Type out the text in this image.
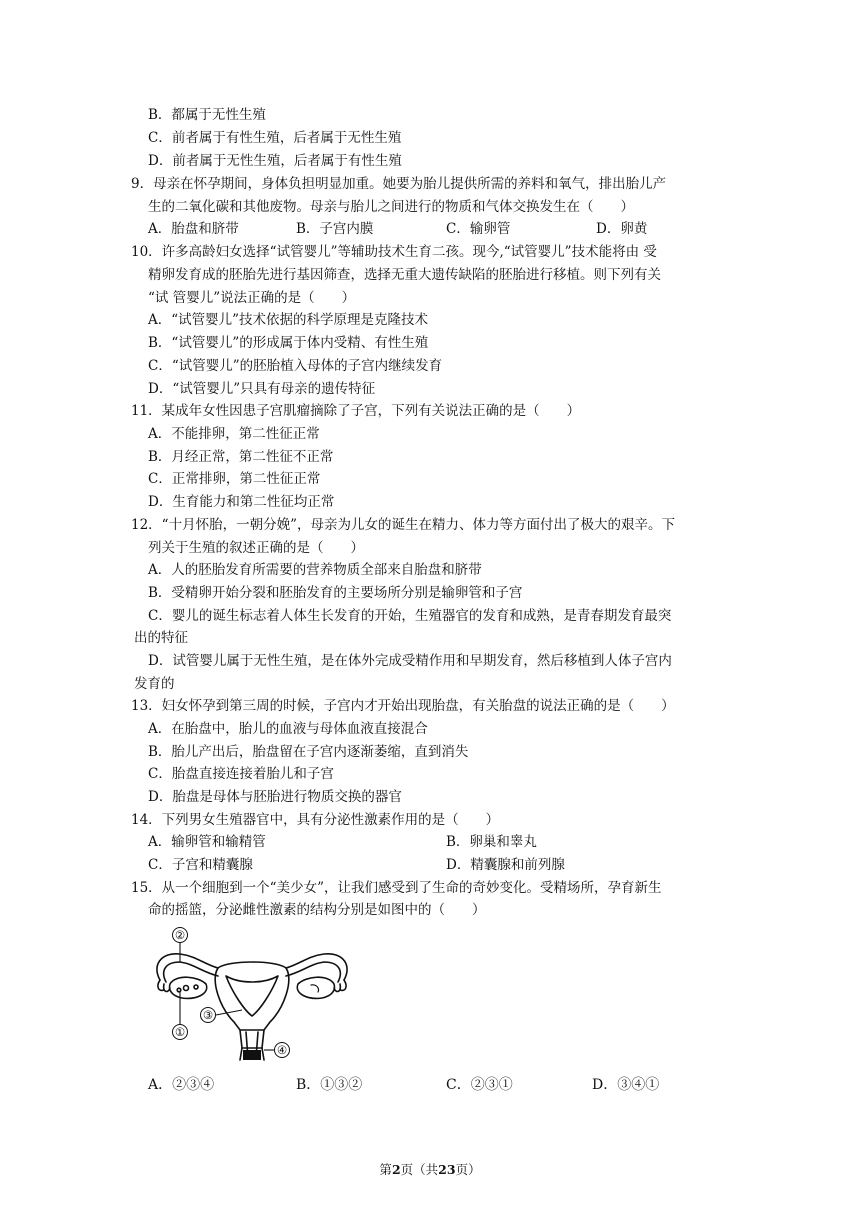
B．都属于无性生殖
C．前者属于有性生殖，后者属于无性生殖
D．前者属于无性生殖，后者属于有性生殖
9．母亲在怀孕期间，身体负担明显加重。她要为胎儿提供所需的养料和氧气，排出胎儿产
生的二氧化碳和其他废物。母亲与胎儿之间进行的物质和气体交换发生在（　　）
A．胎盘和脐带	B．子宫内膜	C．输卵管	D．卵黄
10．许多高龄妇女选择“试管婴儿”等辅助技术生育二孩。现今,“试管婴儿”技术能将由 受
精卵发育成的胚胎先进行基因筛查，选择无重大遗传缺陷的胚胎进行移植。则下列有关
“试 管婴儿”说法正确的是（　　）
A．“试管婴儿”技术依据的科学原理是克隆技术
B．“试管婴儿”的形成属于体内受精、有性生殖
C．“试管婴儿”的胚胎植入母体的子宫内继续发育
D．“试管婴儿”只具有母亲的遗传特征
11．某成年女性因患子宫肌瘤摘除了子宫，下列有关说法正确的是（　　）
A．不能排卵，第二性征正常
B．月经正常，第二性征不正常
C．正常排卵，第二性征正常
D．生育能力和第二性征均正常
12．“十月怀胎，一朝分娩”，母亲为儿女的诞生在精力、体力等方面付出了极大的艰辛。下
列关于生殖的叙述正确的是（　　）
A．人的胚胎发育所需要的营养物质全部来自胎盘和脐带
B．受精卵开始分裂和胚胎发育的主要场所分别是输卵管和子宫
C．婴儿的诞生标志着人体生长发育的开始，生殖器官的发育和成熟，是青春期发育最突
出的特征
D．试管婴儿属于无性生殖，是在体外完成受精作用和早期发育，然后移植到人体子宫内
发育的
13．妇女怀孕到第三周的时候，子宫内才开始出现胎盘，有关胎盘的说法正确的是（　　）
A．在胎盘中，胎儿的血液与母体血液直接混合
B．胎儿产出后，胎盘留在子宫内逐渐萎缩，直到消失
C．胎盘直接连接着胎儿和子宫
D．胎盘是母体与胚胎进行物质交换的器官
14．下列男女生殖器官中，具有分泌性激素作用的是（　　）
A．输卵管和输精管	B．卵巢和睾丸
C．子宫和精囊腺	D．精囊腺和前列腺
15．从一个细胞到一个“美少女”，让我们感受到了生命的奇妙变化。受精场所，孕育新生
命的摇篮，分泌雌性激素的结构分别是如图中的（　　）
②
③
①
④
A．②③④	B．①③②	C．②③①	D．③④①
第2页（共23页）
